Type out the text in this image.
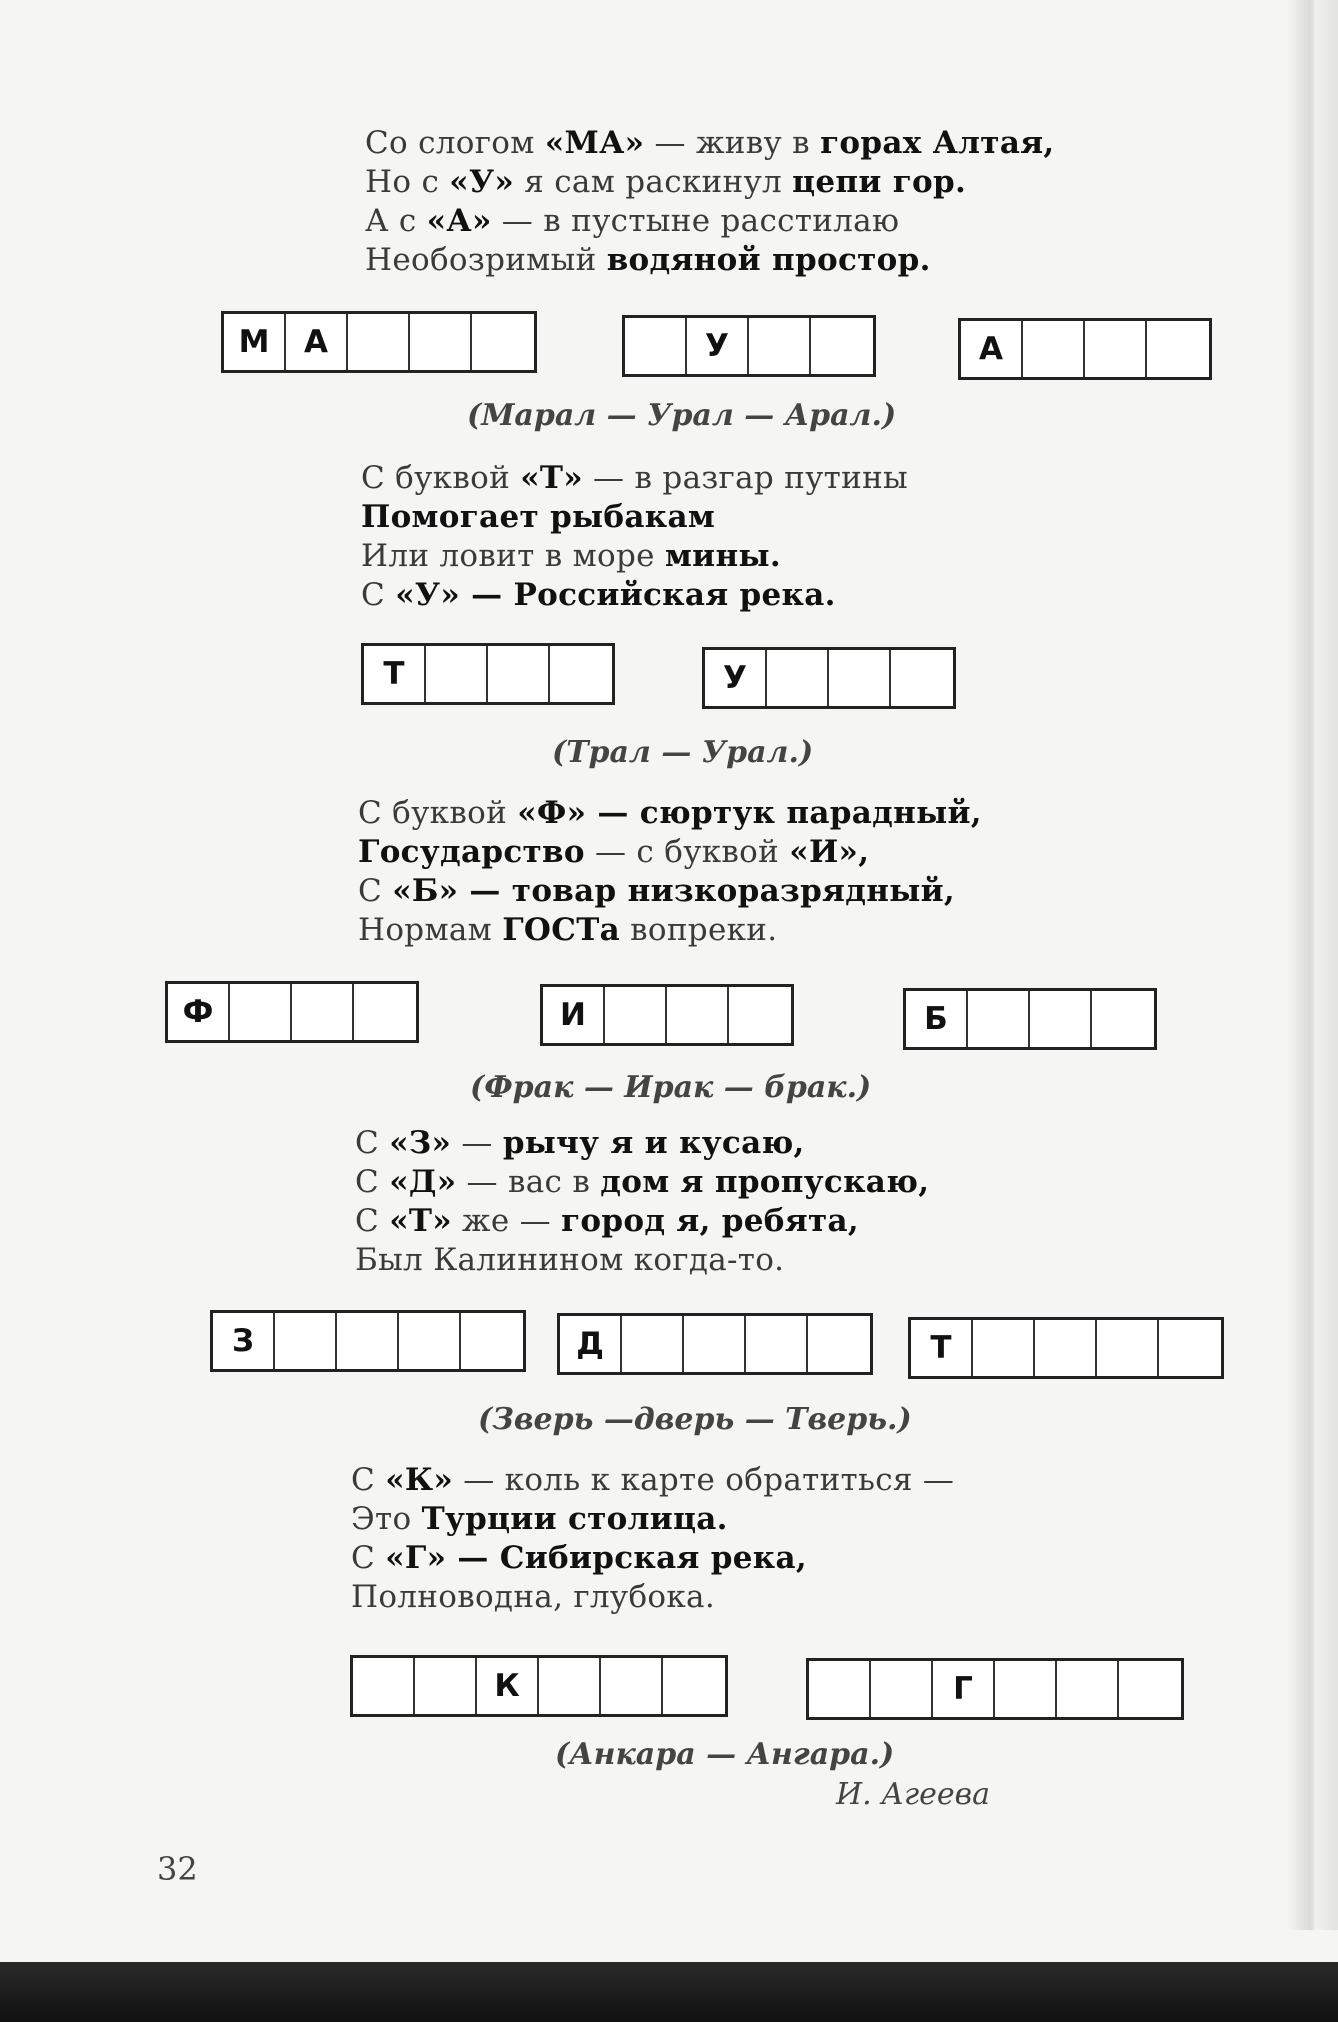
Со слогом «МА» — живу в горах Алтая,
Но с «У» я сам раскинул цепи гор.
А с «А» — в пустыне расстилаю
Необозримый водяной простор.
М	А	У	А
(Марал — Урал — Арал.)
С буквой «Т» — в разгар путины
Помогает рыбакам
Или ловит в море мины.
С «У» — Российская река.
Т	У
(Трал — Урал.)
С буквой «Ф» — сюртук парадный,
Государство — с буквой «И»,
С «Б» — товар низкоразрядный,
Нормам ГОСТа вопреки.
Ф	И	Б
(Фрак — Ирак — брак.)
С «З» — рычу я и кусаю,
С «Д» — вас в дом я пропускаю,
С «Т» же — город я, ребята,
Был Калинином когда-то.
З	Д	Т
(Зверь —дверь — Тверь.)
С «К» — коль к карте обратиться —
Это Турции столица.
С «Г» — Сибирская река,
Полноводна, глубока.
К	Г
(Анкара — Ангара.)
И. Агеева
32
